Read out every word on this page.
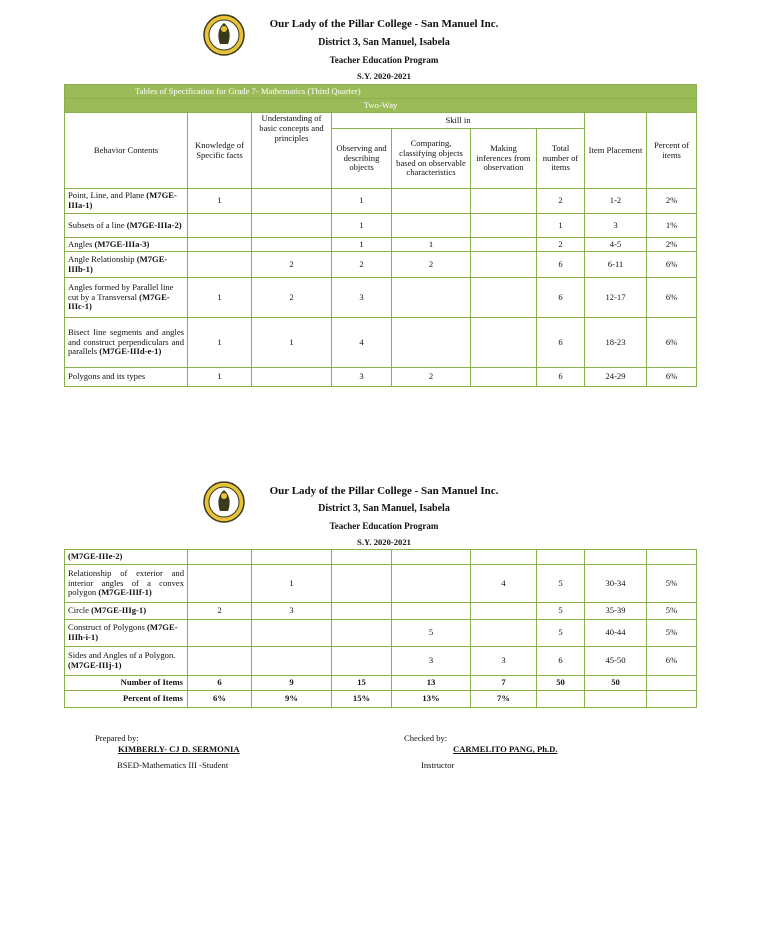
Our Lady of the Pillar College - San Manuel Inc.
District 3, San Manuel, Isabela
Teacher Education Program
S.Y. 2020-2021
Tables of Specification for Grade 7- Mathematics (Third Quarter)								
Two-Way								
Behavior Contents	Knowledge of Specific facts	Understanding of basic concepts and principles	Skill in				Item Placement	Percent of items
			Observing and describing objects	Comparing, classifying objects based on observable characteristics	Making inferences from observation	Total number of items		
Point, Line, and Plane (M7GE-IIIa-1)	1		1			2	1-2	2%
Subsets of a line (M7GE-IIIa-2)			1			1	3	1%
Angles (M7GE-IIIa-3)			1	1		2	4-5	2%
Angle Relationship (M7GE-IIIb-1)		2	2	2		6	6-11	6%
Angles formed by Parallel line cut by a Transversal (M7GE-IIIc-1)	1	2	3			6	12-17	6%
Bisect line segments and angles and construct perpendiculars and parallels (M7GE-IIId-e-1)	1	1	4			6	18-23	6%
Polygons and its types	1		3	2		6	24-29	6%
Our Lady of the Pillar College - San Manuel Inc.
District 3, San Manuel, Isabela
Teacher Education Program
S.Y. 2020-2021
(M7GE-IIIe-2)								
Relationship of exterior and interior angles of a convex polygon (M7GE-IIIf-1)		1			4	5	30-34	5%
Circle (M7GE-IIIg-1)	2	3				5	35-39	5%
Construct of Polygons (M7GE-IIIh-i-1)				5		5	40-44	5%
Sides and Angles of a Polygon. (M7GE-IIIj-1)				3	3	6	45-50	6%
Number of Items	6	9	15	13	7	50	50	
Percent of Items	6%	9%	15%	13%	7%			
Prepared by:
KIMBERLY- CJ D. SERMONIA
BSED-Mathematics III -Student
Checked by:
CARMELITO PANG, Ph.D.
Instructor
